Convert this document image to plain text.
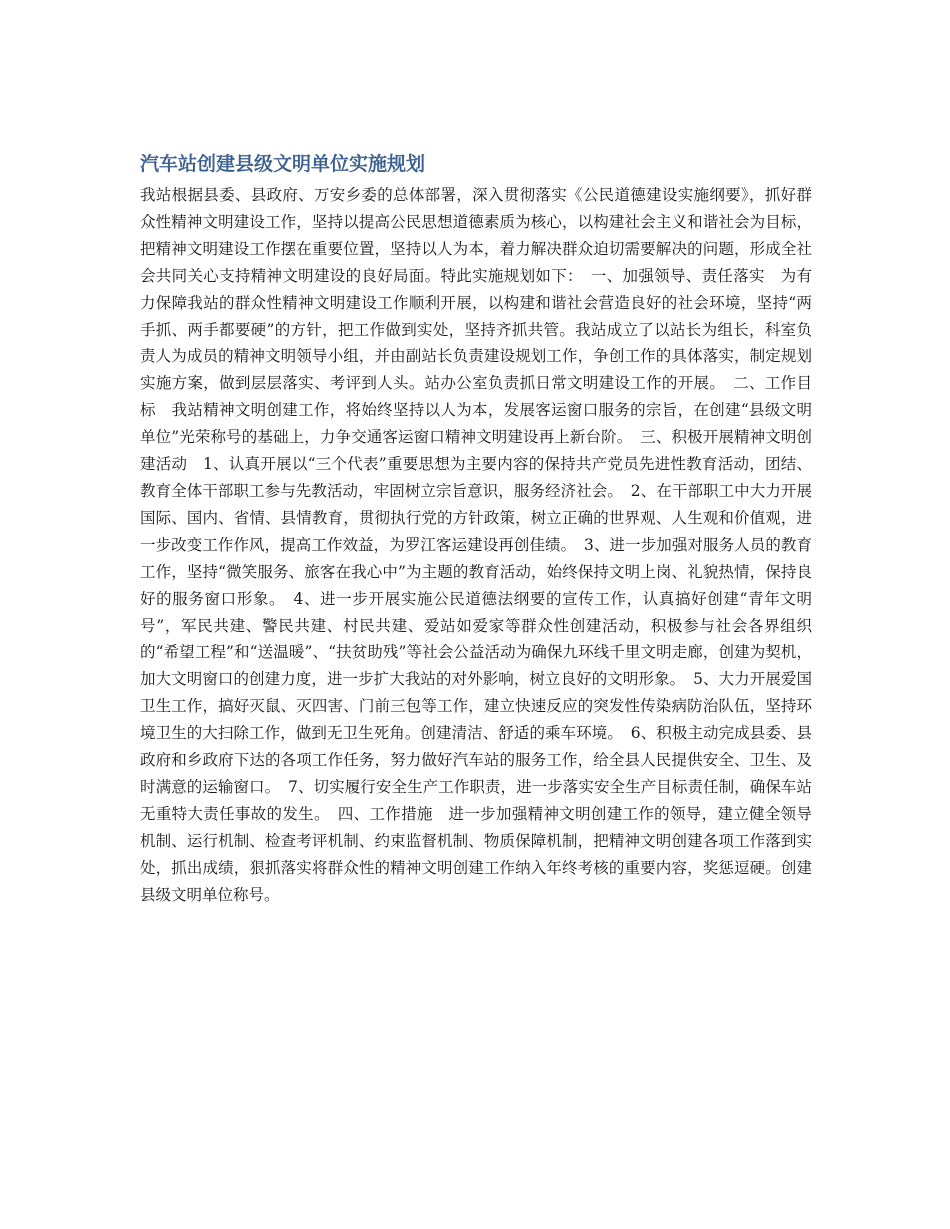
汽车站创建县级文明单位实施规划

我站根据县委、县政府、万安乡委的总体部署，深入贯彻落实《公民道德建设实施纲要》，抓好群众性精神文明建设工作，坚持以提高公民思想道德素质为核心，以构建社会主义和谐社会为目标，把精神文明建设工作摆在重要位置，坚持以人为本，着力解决群众迫切需要解决的问题，形成全社会共同关心支持精神文明建设的良好局面。特此实施规划如下：　一、加强领导、责任落实　为有力保障我站的群众性精神文明建设工作顺利开展，以构建和谐社会营造良好的社会环境，坚持“两手抓、两手都要硬”的方针，把工作做到实处，坚持齐抓共管。我站成立了以站长为组长，科室负责人为成员的精神文明领导小组，并由副站长负责建设规划工作，争创工作的具体落实，制定规划实施方案，做到层层落实、考评到人头。站办公室负责抓日常文明建设工作的开展。　二、工作目标　我站精神文明创建工作，将始终坚持以人为本，发展客运窗口服务的宗旨，在创建“县级文明单位”光荣称号的基础上，力争交通客运窗口精神文明建设再上新台阶。　三、积极开展精神文明创建活动　1、认真开展以“三个代表”重要思想为主要内容的保持共产党员先进性教育活动，团结、教育全体干部职工参与先教活动，牢固树立宗旨意识，服务经济社会。　2、在干部职工中大力开展国际、国内、省情、县情教育，贯彻执行党的方针政策，树立正确的世界观、人生观和价值观，进一步改变工作作风，提高工作效益，为罗江客运建设再创佳绩。　3、进一步加强对服务人员的教育工作，坚持“微笑服务、旅客在我心中”为主题的教育活动，始终保持文明上岗、礼貌热情，保持良好的服务窗口形象。　4、进一步开展实施公民道德法纲要的宣传工作，认真搞好创建“青年文明号”，军民共建、警民共建、村民共建、爱站如爱家等群众性创建活动，积极参与社会各界组织的“希望工程”和“送温暖”、“扶贫助残”等社会公益活动为确保九环线千里文明走廊，创建为契机，加大文明窗口的创建力度，进一步扩大我站的对外影响，树立良好的文明形象。　5、大力开展爱国卫生工作，搞好灭鼠、灭四害、门前三包等工作，建立快速反应的突发性传染病防治队伍，坚持环境卫生的大扫除工作，做到无卫生死角。创建清洁、舒适的乘车环境。　6、积极主动完成县委、县政府和乡政府下达的各项工作任务，努力做好汽车站的服务工作，给全县人民提供安全、卫生、及时满意的运输窗口。　7、切实履行安全生产工作职责，进一步落实安全生产目标责任制，确保车站无重特大责任事故的发生。　四、工作措施　进一步加强精神文明创建工作的领导，建立健全领导机制、运行机制、检查考评机制、约束监督机制、物质保障机制，把精神文明创建各项工作落到实处，抓出成绩，狠抓落实将群众性的精神文明创建工作纳入年终考核的重要内容，奖惩逗硬。创建县级文明单位称号。
